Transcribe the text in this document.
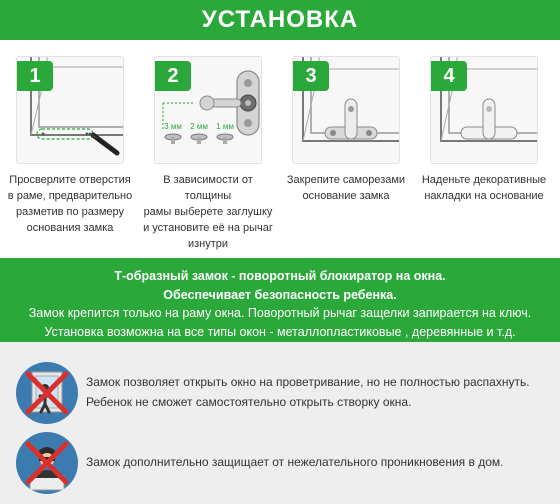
УСТАНОВКА
1
3 мм 2 мм 1 мм
2	3	4
Просверлите отверстия
в раме, предварительно
разметив по размеру
основания замка
В зависимости от толщины
рамы выберете заглушку
и установите её на рычаг
изнутри
Закрепите саморезами
основание замка
Наденьте декоративные
накладки на основание
Т-образный замок - поворотный блокиратор на окна.
Обеспечивает безопасность ребенка.
Замок крепится только на раму окна. Поворотный рычаг защелки запирается на ключ.
Установка возможна на все типы окон - металлопластиковые , деревянные и т.д.
Замок позволяет открыть окно на проветривание, но не полностью распахнуть.
Ребенок не сможет самостоятельно открыть створку окна.
Замок дополнительно защищает от нежелательного проникновения в дом.
